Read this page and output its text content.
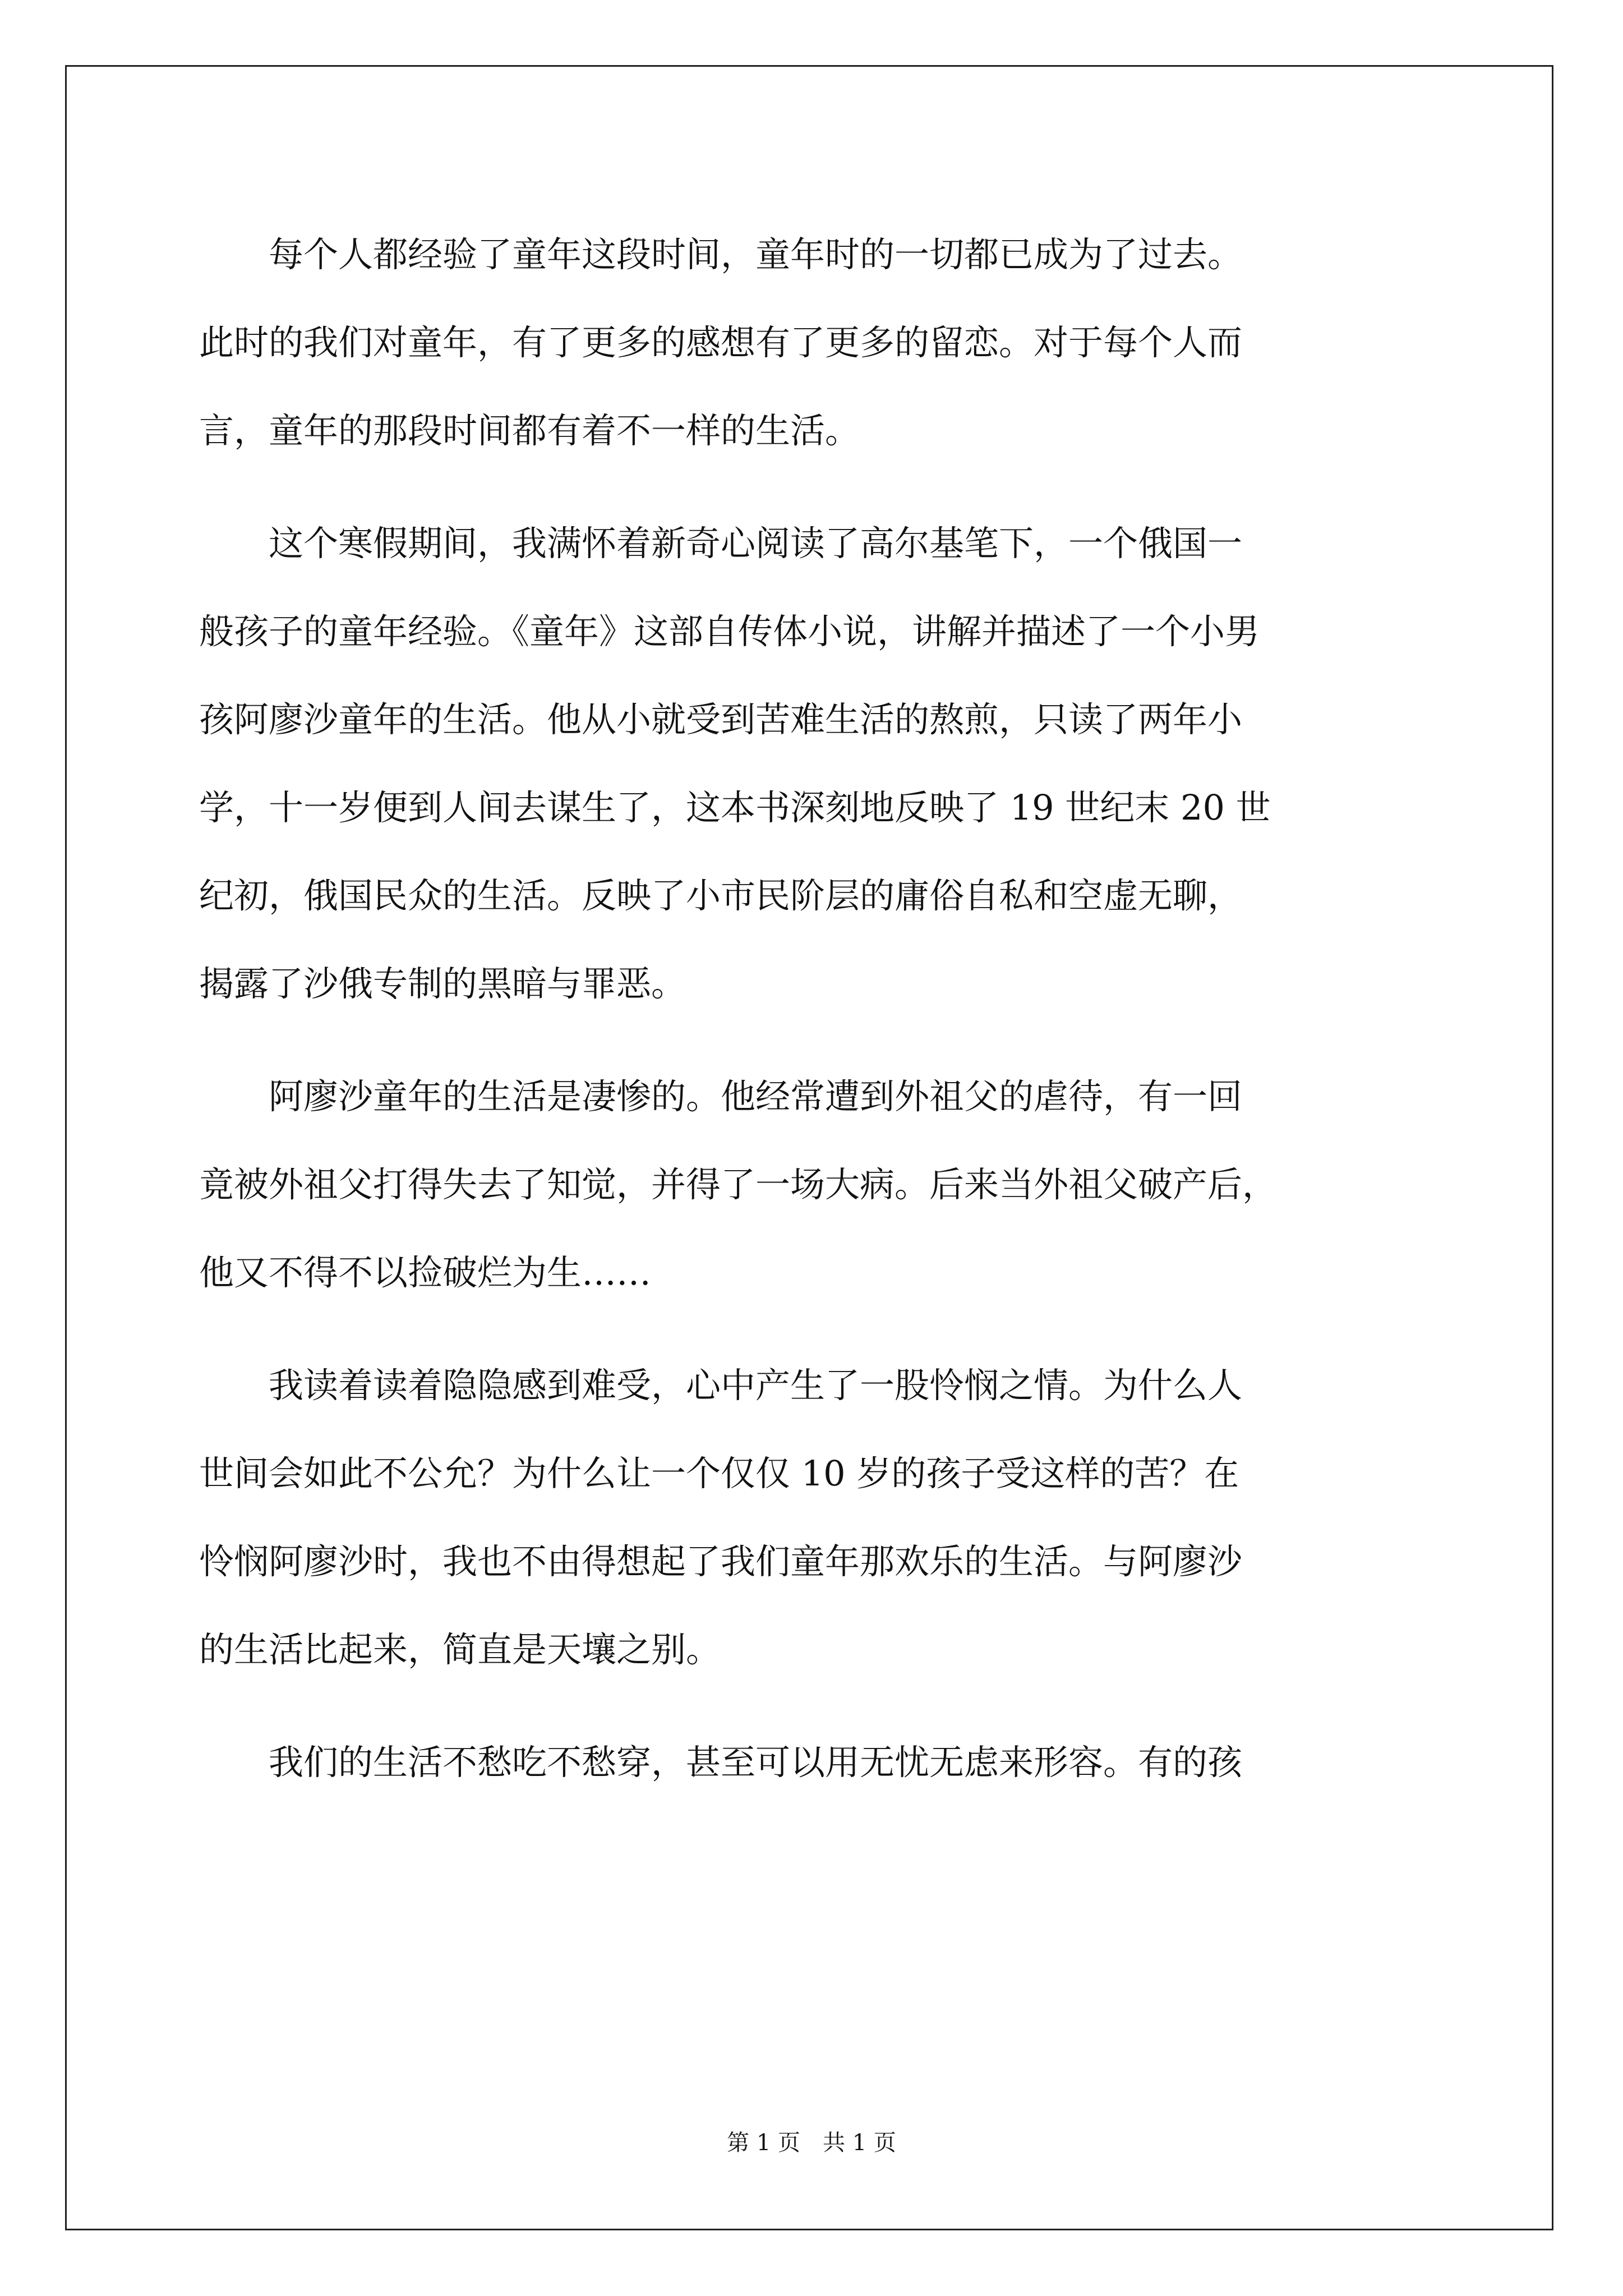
　　每个人都经验了童年这段时间，童年时的一切都已成为了过去。
此时的我们对童年，有了更多的感想有了更多的留恋。对于每个人而
言，童年的那段时间都有着不一样的生活。
　　这个寒假期间，我满怀着新奇心阅读了高尔基笔下，一个俄国一
般孩子的童年经验。《童年》这部自传体小说，讲解并描述了一个小男
孩阿廖沙童年的生活。他从小就受到苦难生活的熬煎，只读了两年小
学，十一岁便到人间去谋生了，这本书深刻地反映了 19 世纪末 20 世
纪初，俄国民众的生活。反映了小市民阶层的庸俗自私和空虚无聊，
揭露了沙俄专制的黑暗与罪恶。
　　阿廖沙童年的生活是凄惨的。他经常遭到外祖父的虐待，有一回
竟被外祖父打得失去了知觉，并得了一场大病。后来当外祖父破产后，
他又不得不以捡破烂为生……
　　我读着读着隐隐感到难受，心中产生了一股怜悯之情。为什么人
世间会如此不公允？为什么让一个仅仅 10 岁的孩子受这样的苦？在
怜悯阿廖沙时，我也不由得想起了我们童年那欢乐的生活。与阿廖沙
的生活比起来，简直是天壤之别。
　　我们的生活不愁吃不愁穿，甚至可以用无忧无虑来形容。有的孩
第 1 页 共 1 页
